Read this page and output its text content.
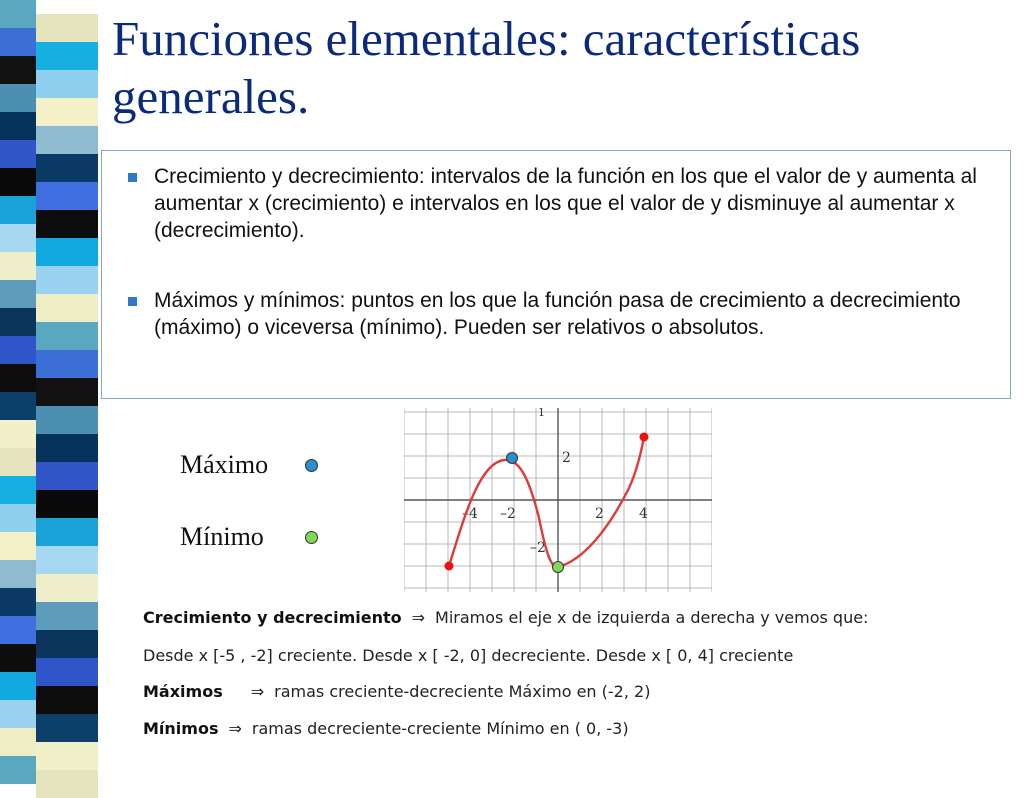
Funciones elementales: características generales.
Crecimiento y decrecimiento: intervalos de la función en los que el valor de y aumenta al aumentar x (crecimiento) e intervalos en los que el valor de y disminuye al aumentar x (decrecimiento).
Máximos y mínimos: puntos en los que la función pasa de crecimiento a decrecimiento (máximo) o viceversa (mínimo). Pueden ser relativos o absolutos.
Máximo
Mínimo
1
–4 –2	2	4
2
–2
Crecimiento y decrecimiento ⇒ Miramos el eje x de izquierda a derecha y vemos que:
Desde x [-5 , -2] creciente. Desde x [ -2, 0] decreciente. Desde x [ 0, 4] creciente
Máximos ⇒ ramas creciente-decreciente Máximo en (-2, 2)
Mínimos ⇒ ramas decreciente-creciente Mínimo en ( 0, -3)
